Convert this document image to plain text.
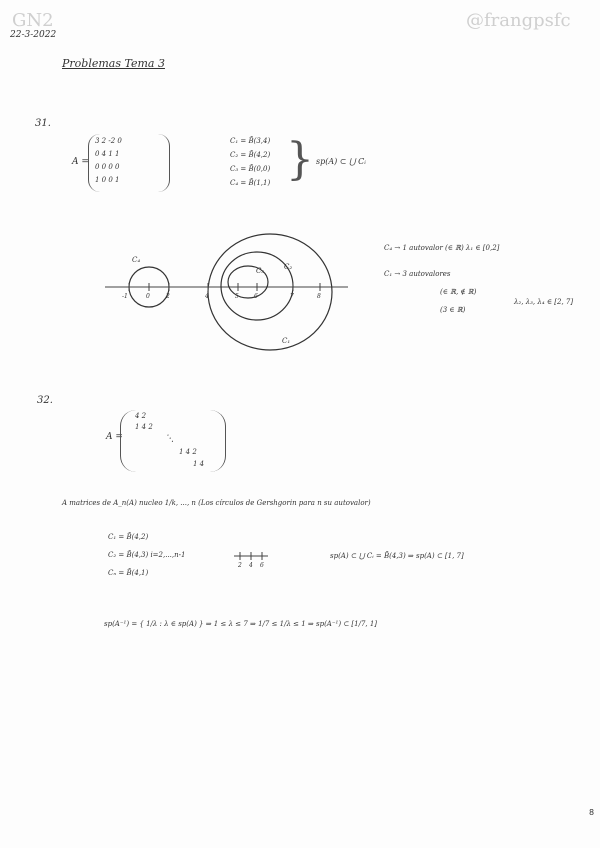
GN2	@frangpsfc
22-3-2022
Problemas Tema 3
31.
A =
3 2 -2 0
0 4 1 1
0 0 0 0
1 0 0 1
C₁ = B̄(3,4)
C₂ = B̄(4,2)
C₃ = B̄(0,0)
C₄ = B̄(1,1) } sp(A) ⊂ ⋃ Cᵢ
-1	0	2	4	5	6	7	8
C₄
C₁
C₂
C₃
C₄ → 1 autovalor (∈ ℝ) λ₁ ∈ [0,2]
C₁ → 3 autovalores
(∈ ℝ, ∉ ℝ)
(3 ∈ ℝ)
λ₂, λ₃, λ₄ ∈ [2, 7]
32.
A =
4 2
1 4 2
⋱
1 4 2
1 4
A matrices de A_n(A) nucleo 1/k, ..., n (Los círculos de Gershgorin para n su autovalor)
C₁ = B̄(4,2)
C₂ = B̄(4,3) i=2,...,n-1
Cₙ = B̄(4,1)
2 4 6
sp(A) ⊂ ⋃ Cᵢ = B̄(4,3) ⇒ sp(A) ⊂ [1, 7]
sp(A⁻¹) = { 1/λ : λ ∈ sp(A) } ⇒ 1 ≤ λ ≤ 7 ⇒ 1/7 ≤ 1/λ ≤ 1 ⇒ sp(A⁻¹) ⊂ [1/7, 1]
8
